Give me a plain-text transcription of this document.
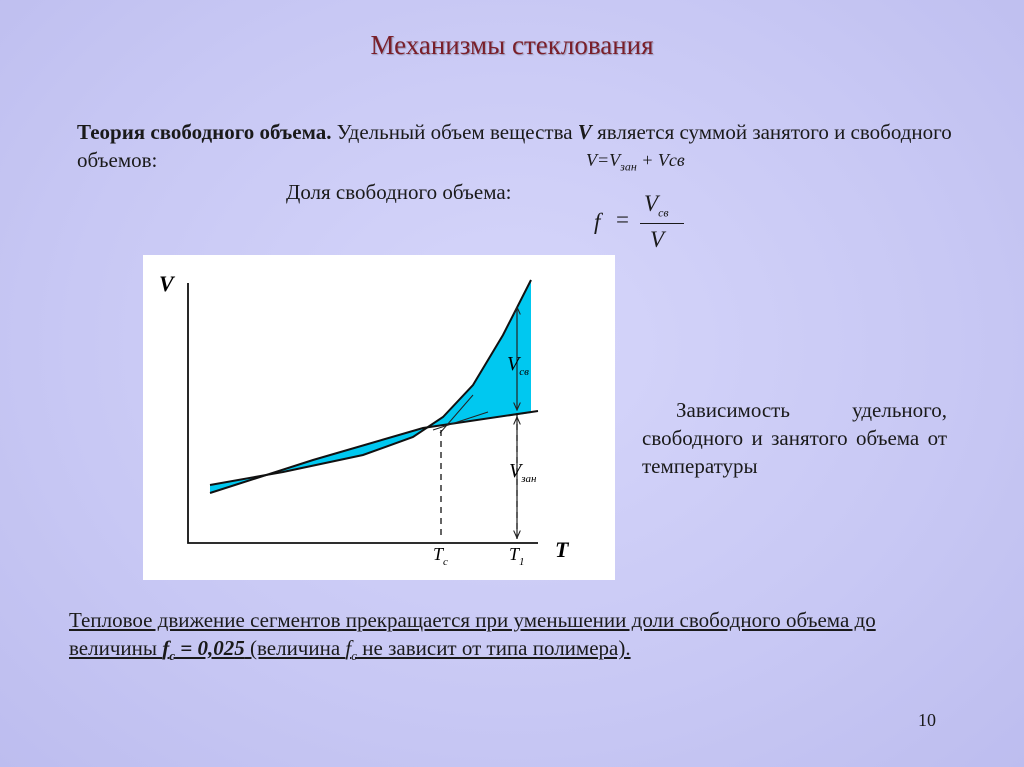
Механизмы стеклования
Теория свободного объема. Удельный объем вещества V является суммой занятого и свободного объемов:	$V=V_{зан}$ + Vсв
Доля свободного объема:
f =
$V_{св}$
V
V
T
$V_{св}$
$V_{зан}$
$T_c$	$T_1$
Зависимость удельного, свободного и занятого объема от температуры
Тепловое движение сегментов прекращается при уменьшении доли свободного объема до величины $f_c = 0,025$ (величина $f_c$ не зависит от типа полимера).
10
